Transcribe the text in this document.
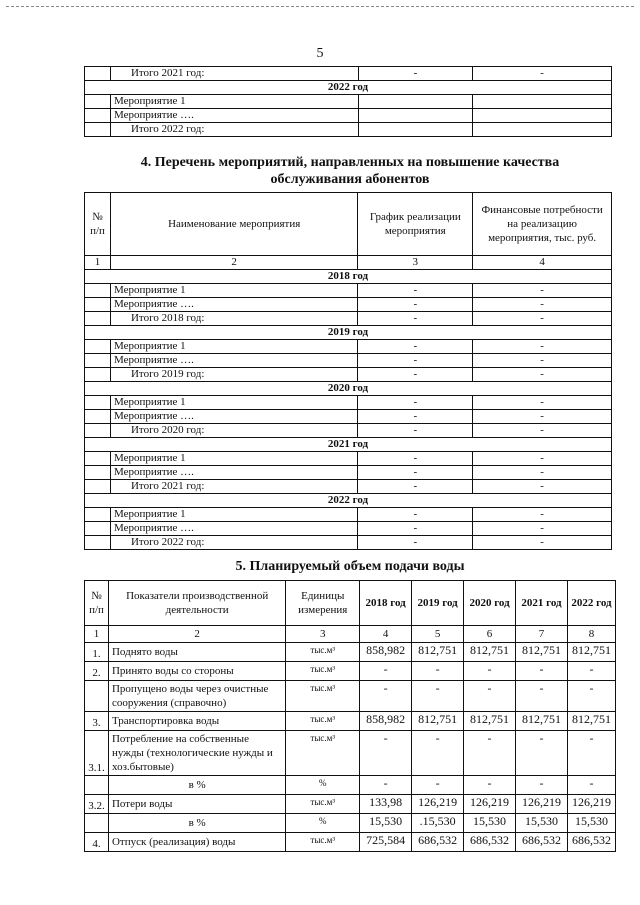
5
	Итого 2021 год:	-	-
2022 год			
	Мероприятие 1		
	Мероприятие ….		
	Итого 2022 год:		
4. Перечень мероприятий, направленных на повышение качества
обслуживания абонентов
№ п/п	Наименование мероприятия	График реализации мероприятия	Финансовые потребности на реализацию мероприятия, тыс. руб.
1	2	3	4
2018 год			
	Мероприятие 1	-	-
	Мероприятие ….	-	-
	Итого 2018 год:	-	-
2019 год			
	Мероприятие 1	-	-
	Мероприятие ….	-	-
	Итого 2019 год:	-	-
2020 год			
	Мероприятие 1	-	-
	Мероприятие ….	-	-
	Итого 2020 год:	-	-
2021 год			
	Мероприятие 1	-	-
	Мероприятие ….	-	-
	Итого 2021 год:	-	-
2022 год			
	Мероприятие 1	-	-
	Мероприятие ….	-	-
	Итого 2022 год:	-	-
5. Планируемый объем подачи воды
№ п/п	Показатели производственной деятельности	Единицы измерения	2018 год	2019 год	2020 год	2021 год	2022 год
1	2	3	4	5	6	7	8
1.	Поднято воды	тыс.м³	858,982	812,751	812,751	812,751	812,751
2.	Принято воды со стороны	тыс.м³	-	-	-	-	-
	Пропущено воды через очистные сооружения (справочно)	тыс.м³	-	-	-	-	-
3.	Транспортировка воды	тыс.м³	858,982	812,751	812,751	812,751	812,751
3.1.	Потребление на собственные нужды (технологические нужды и хоз.бытовые)	тыс.м³	-	-	-	-	-
	в %	%	-	-	-	-	-
3.2.	Потери воды	тыс.м³	133,98	126,219	126,219	126,219	126,219
	в %	%	15,530	.15,530	15,530	15,530	15,530
4.	Отпуск (реализация) воды	тыс.м³	725,584	686,532	686,532	686,532	686,532
